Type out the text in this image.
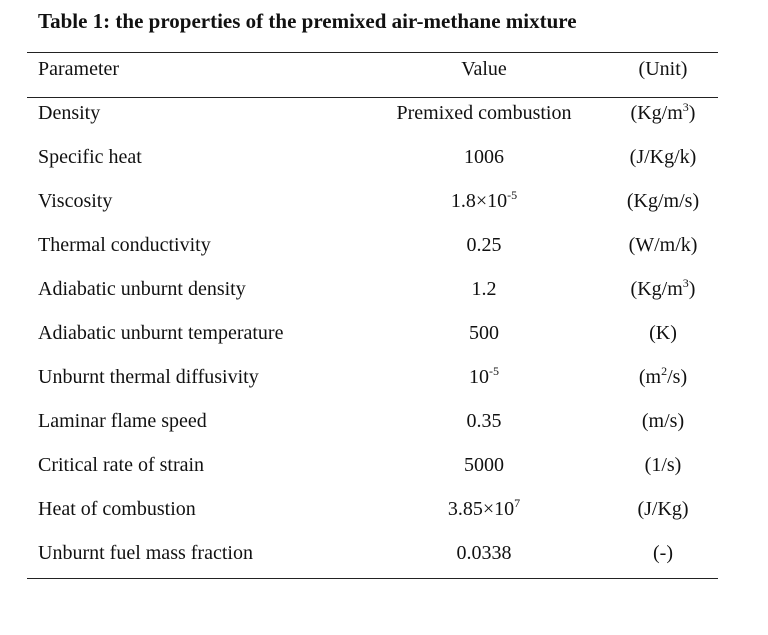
Table 1: the properties of the premixed air-methane mixture
Parameter	Value	(Unit)
Density	Premixed combustion	$(Kg/m^3)$
Specific heat	1006	(J/Kg/k)
Viscosity	$1.8\times 10^{-5}$	(Kg/m/s)
Thermal conductivity	0.25	(W/m/k)
Adiabatic unburnt density	1.2	$(Kg/m^3)$
Adiabatic unburnt temperature	500	(K)
Unburnt thermal diffusivity	$10^{-5}$	$(m^2/s)$
Laminar flame speed	0.35	(m/s)
Critical rate of strain	5000	(1/s)
Heat of combustion	$3.85\times 10^7$	(J/Kg)
Unburnt fuel mass fraction	0.0338	(-)
